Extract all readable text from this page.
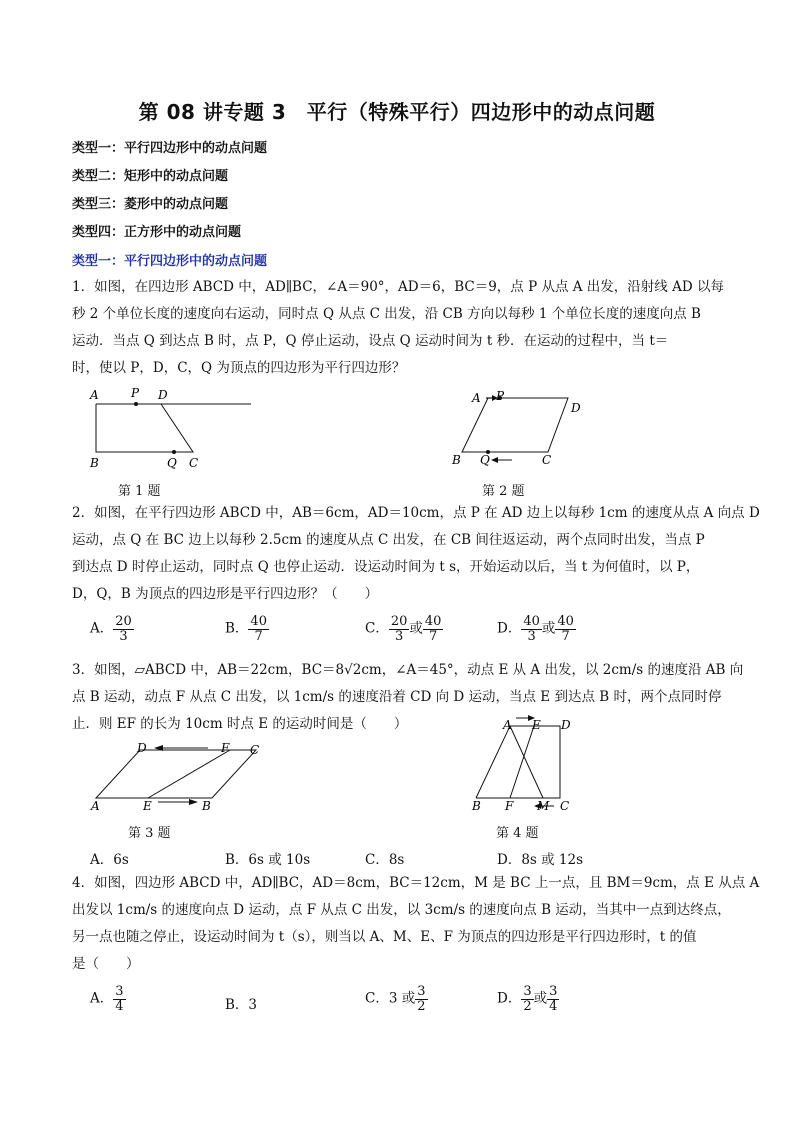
第 08 讲专题 3　平行（特殊平行）四边形中的动点问题
类型一：平行四边形中的动点问题
类型二：矩形中的动点问题
类型三：菱形中的动点问题
类型四：正方形中的动点问题
类型一：平行四边形中的动点问题

1．如图，在四边形 ABCD 中，AD∥BC，∠A＝90°，AD＝6，BC＝9，点 P 从点 A 出发，沿射线 AD 以每

秒 2 个单位长度的速度向右运动，同时点 Q 从点 C 出发，沿 CB 方向以每秒 1 个单位长度的速度向点 B

运动．当点 Q 到达点 B 时，点 P，Q 停止运动，设点 Q 运动时间为 t 秒．在运动的过程中，当 t＝

时，使以 P，D，C，Q 为顶点的四边形为平行四边形？

A	P D
B	Q C
A P
D
B Q	C
第 1 题	第 2 题

2．如图，在平行四边形 ABCD 中，AB＝6cm，AD＝10cm，点 P 在 AD 边上以每秒 1cm 的速度从点 A 向点 D

运动，点 Q 在 BC 边上以每秒 2.5cm 的速度从点 C 出发，在 CB 间往返运动，两个点同时出发，当点 P

到达点 D 时停止运动，同时点 Q 也停止运动．设运动时间为 t s，开始运动以后，当 t 为何值时，以 P，

D，Q，B 为顶点的四边形是平行四边形？（　　）

A． $\frac{20}{3}$	B． $\frac{40}{7}$	C． $\frac{20}{3}$ 或 $\frac{40}{7}$	D． $\frac{40}{3}$ 或 $\frac{40}{7}$

3．如图，▱ABCD 中，AB＝22cm，BC＝8√2cm，∠A＝45°，动点 E 从 A 出发，以 2cm/s 的速度沿 AB 向

点 B 运动，动点 F 从点 C 出发，以 1cm/s 的速度沿着 CD 向 D 运动，当点 E 到达点 B 时，两个点同时停

止．则 EF 的长为 10cm 时点 E 的运动时间是（　　）

D	F C
A	E	B
A E D
B F M C
第 3 题	第 4 题
A．6s	B．6s 或 10s	C．8s	D．8s 或 12s

4．如图，四边形 ABCD 中，AD∥BC，AD＝8cm，BC＝12cm，M 是 BC 上一点，且 BM＝9cm，点 E 从点 A

出发以 1cm/s 的速度向点 D 运动，点 F 从点 C 出发，以 3cm/s 的速度向点 B 运动，当其中一点到达终点，

另一点也随之停止，设运动时间为 t（s），则当以 A、M、E、F 为顶点的四边形是平行四边形时，t 的值

是（　　）

A． $\frac{3}{4}$	B．3	C．3 或 $\frac{3}{2}$	D． $\frac{3}{2}$ 或 $\frac{3}{4}$
